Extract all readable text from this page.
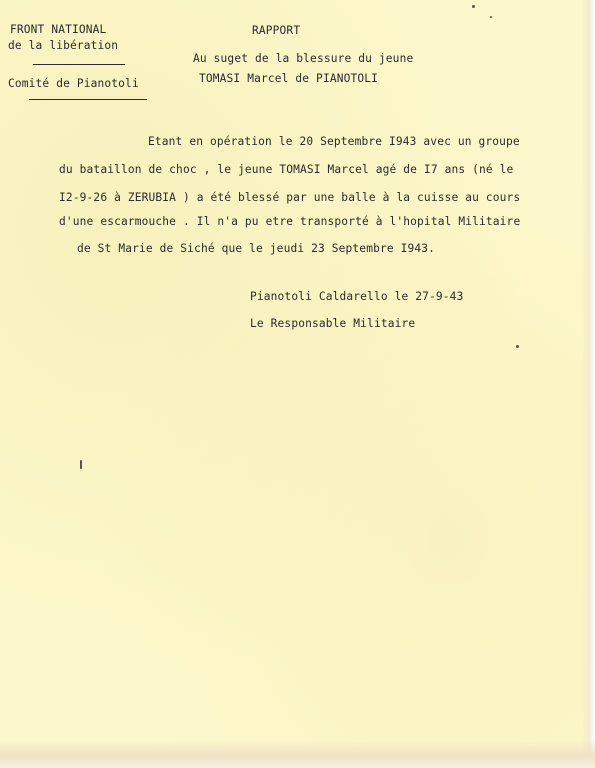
FRONT NATIONAL
de la libération
Comité de Pianotoli
RAPPORT
Au suget de la blessure du jeune
TOMASI Marcel de PIANOTOLI
Etant en opération le 20 Septembre I943 avec un groupe
du bataillon de choc , le jeune TOMASI Marcel agé de I7 ans (né le
I2-9-26 à ZERUBIA ) a été blessé par une balle à la cuisse au cours
d'une escarmouche . Il n'a pu etre transporté à l'hopital Militaire
de St Marie de Siché que le jeudi 23 Septembre I943.
Pianotoli Caldarello le 27-9-43
Le Responsable Militaire
